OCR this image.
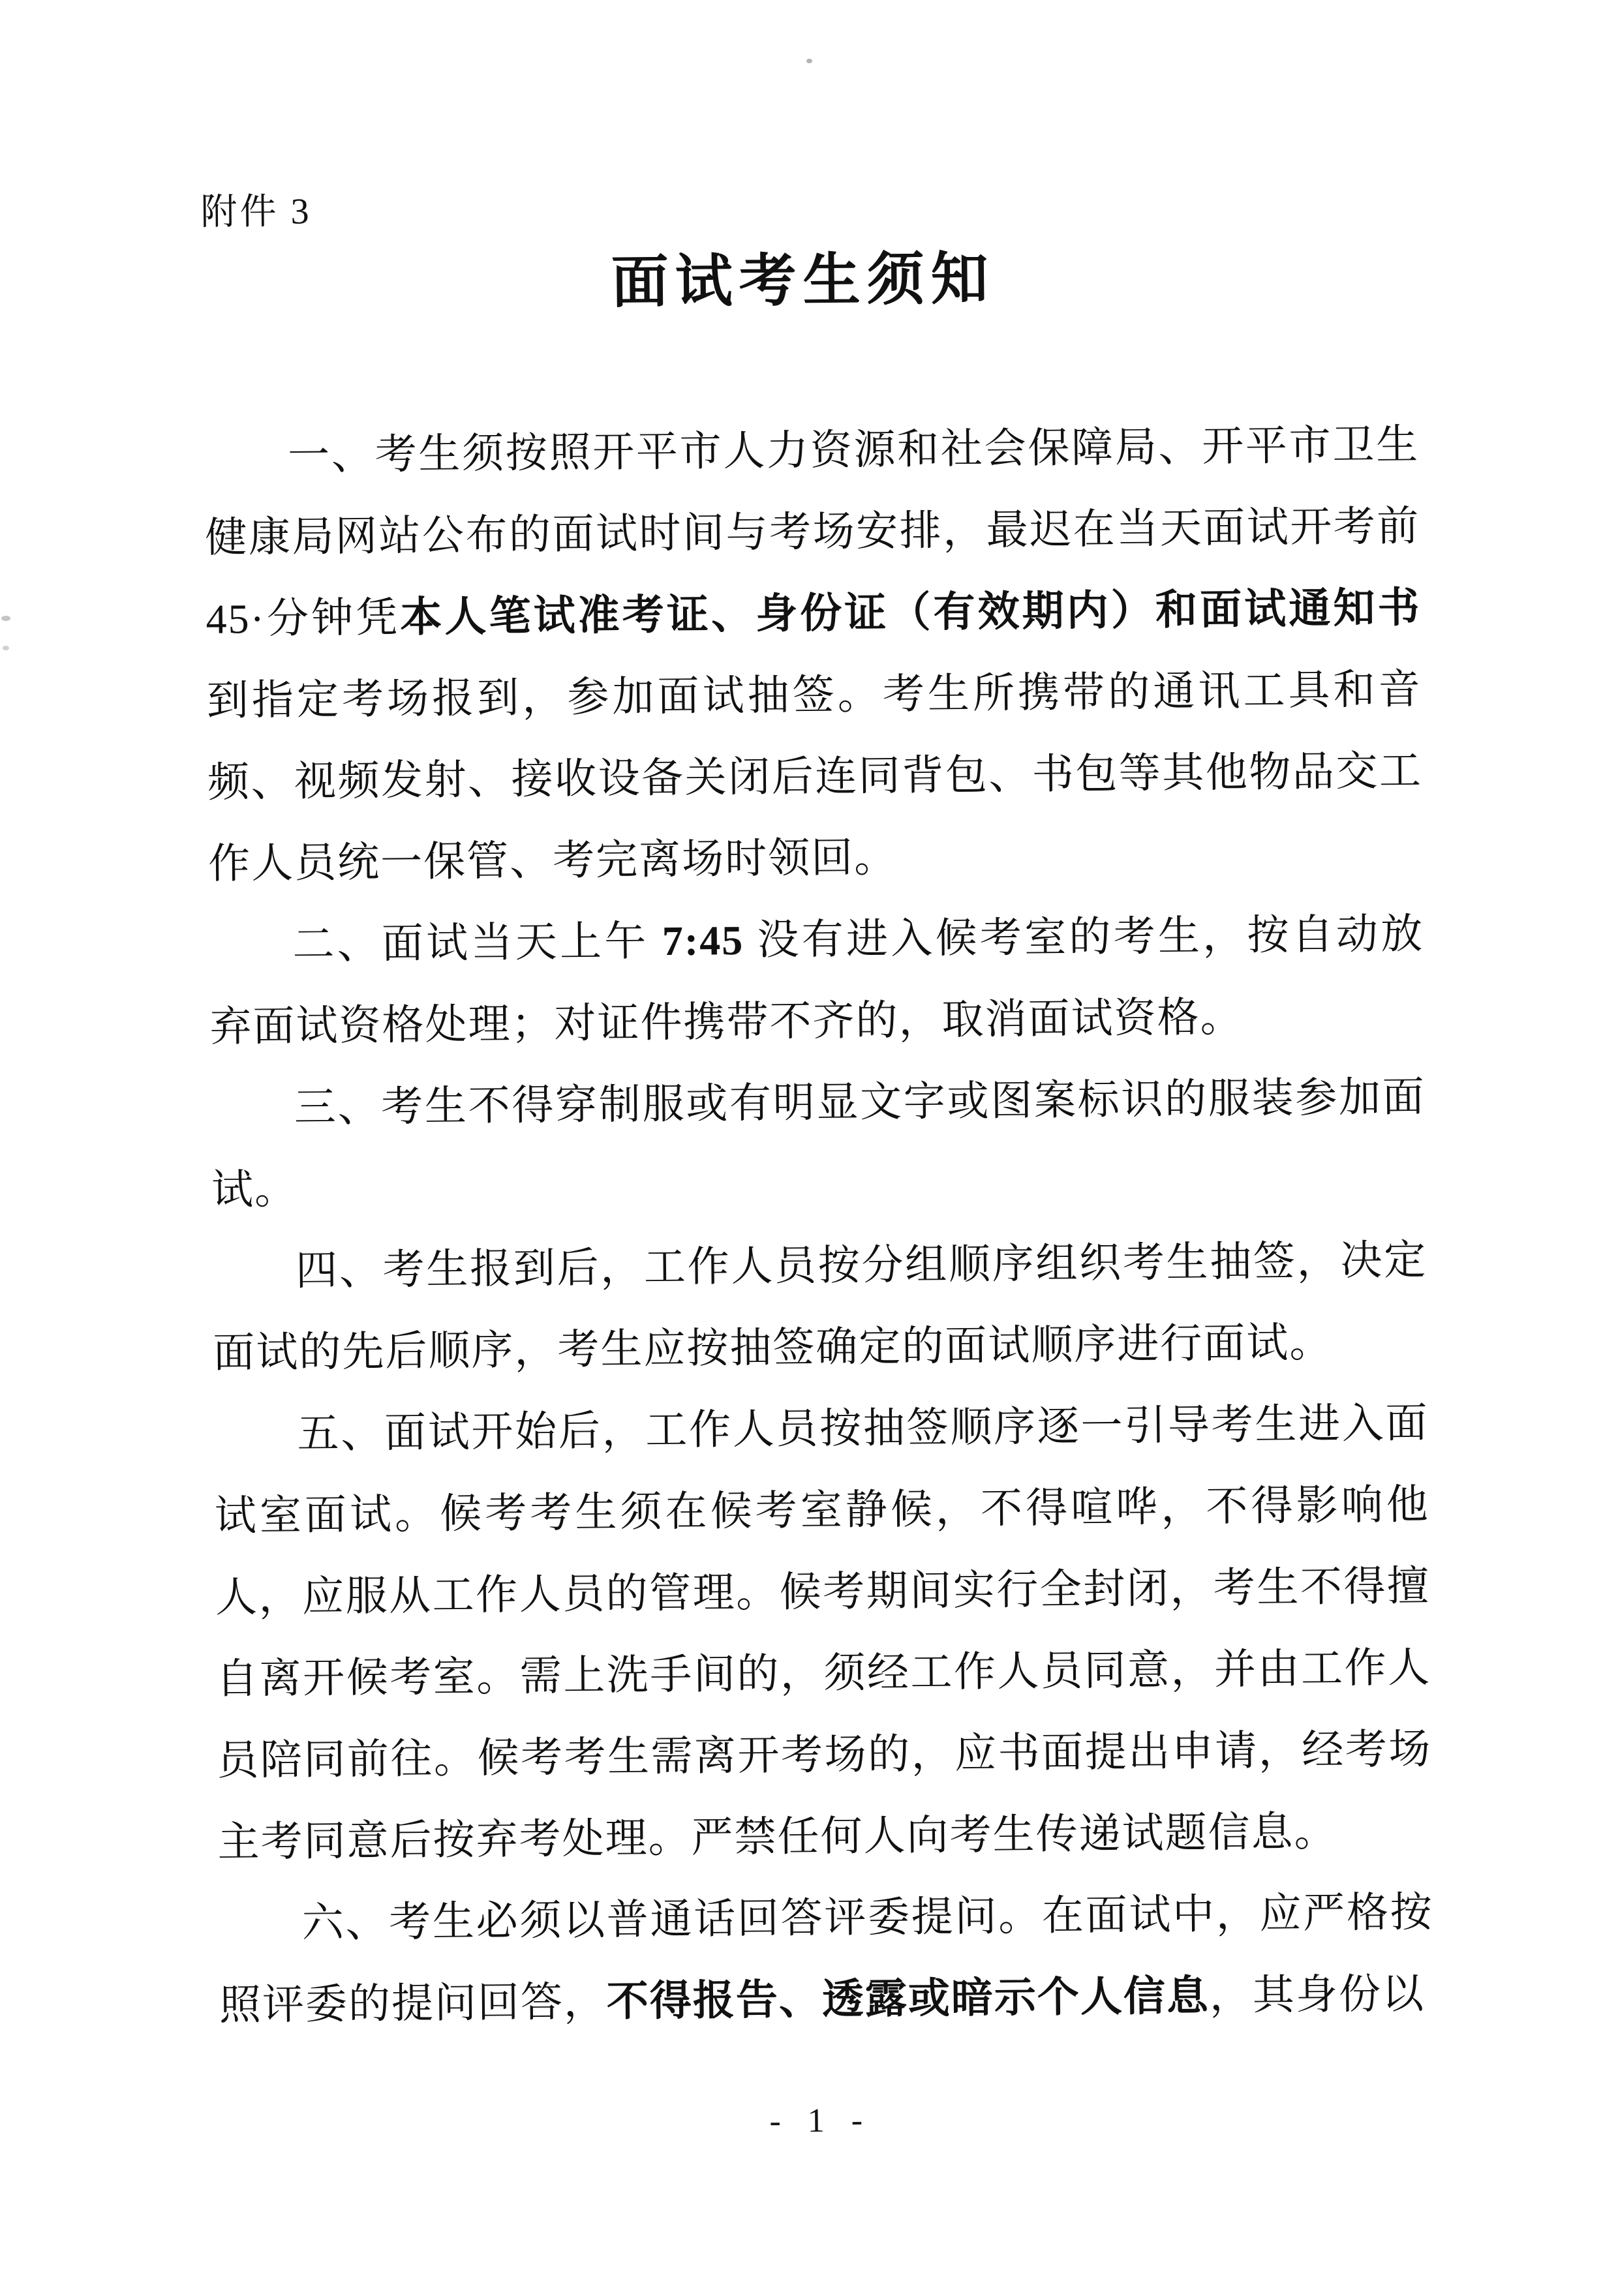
附件 3
面试考生须知

一、考生须按照开平市人力资源和社会保障局、开平市卫生健康局网站公布的面试时间与考场安排，最迟在当天面试开考前45·分钟凭本人笔试准考证、身份证（有效期内）和面试通知书到指定考场报到，参加面试抽签。考生所携带的通讯工具和音频、视频发射、接收设备关闭后连同背包、书包等其他物品交工作人员统一保管、考完离场时领回。

二、面试当天上午 7:45 没有进入候考室的考生，按自动放弃面试资格处理；对证件携带不齐的，取消面试资格。

三、考生不得穿制服或有明显文字或图案标识的服装参加面试。

四、考生报到后，工作人员按分组顺序组织考生抽签，决定面试的先后顺序，考生应按抽签确定的面试顺序进行面试。

五、面试开始后，工作人员按抽签顺序逐一引导考生进入面试室面试。候考考生须在候考室静候，不得喧哗，不得影响他人，应服从工作人员的管理。候考期间实行全封闭，考生不得擅自离开候考室。需上洗手间的，须经工作人员同意，并由工作人员陪同前往。候考考生需离开考场的，应书面提出申请，经考场主考同意后按弃考处理。严禁任何人向考生传递试题信息。

六、考生必须以普通话回答评委提问。在面试中，应严格按照评委的提问回答，不得报告、透露或暗示个人信息，其身份以

- 1 -
